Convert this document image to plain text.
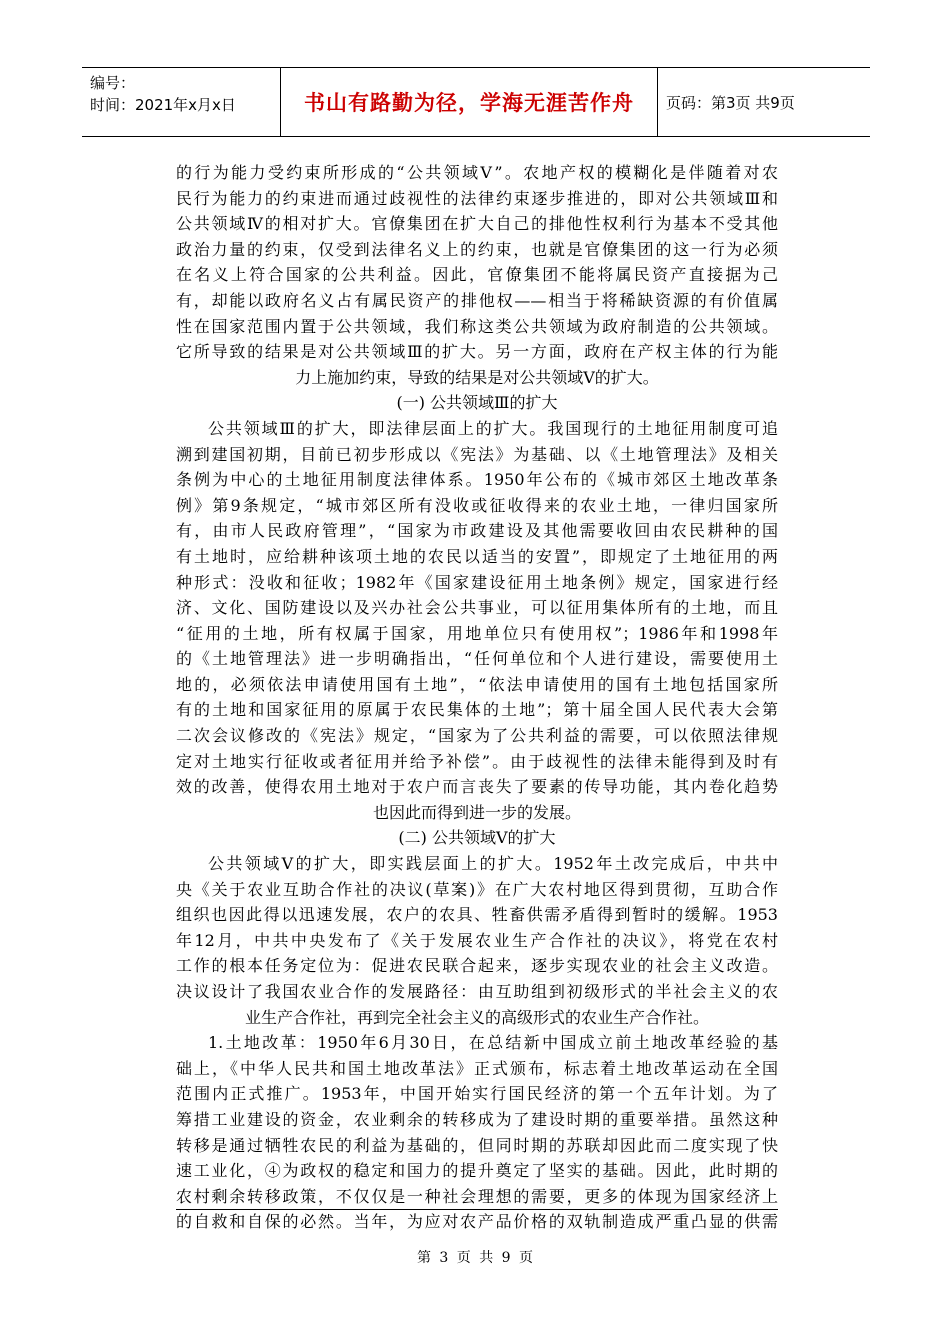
编号：
时间：2021年x月x日	书山有路勤为径，学海无涯苦作舟	页码：第3页 共9页
的行为能力受约束所形成的“公共领域Ⅴ”。农地产权的模糊化是伴随着对农
民行为能力的约束进而通过歧视性的法律约束逐步推进的，即对公共领域Ⅲ和
公共领域Ⅳ的相对扩大。官僚集团在扩大自己的排他性权利行为基本不受其他
政治力量的约束，仅受到法律名义上的约束，也就是官僚集团的这一行为必须
在名义上符合国家的公共利益。因此，官僚集团不能将属民资产直接据为己
有，却能以政府名义占有属民资产的排他权——相当于将稀缺资源的有价值属
性在国家范围内置于公共领域，我们称这类公共领域为政府制造的公共领域。
它所导致的结果是对公共领域Ⅲ的扩大。另一方面，政府在产权主体的行为能
力上施加约束，导致的结果是对公共领域Ⅴ的扩大。
(一) 公共领域Ⅲ的扩大
公共领域Ⅲ的扩大，即法律层面上的扩大。我国现行的土地征用制度可追
溯到建国初期，目前已初步形成以《宪法》为基础、以《土地管理法》及相关
条例为中心的土地征用制度法律体系。1950年公布的《城市郊区土地改革条
例》第9条规定，“城市郊区所有没收或征收得来的农业土地，一律归国家所
有，由市人民政府管理”，“国家为市政建设及其他需要收回由农民耕种的国
有土地时，应给耕种该项土地的农民以适当的安置”，即规定了土地征用的两
种形式：没收和征收；1982年《国家建设征用土地条例》规定，国家进行经
济、文化、国防建设以及兴办社会公共事业，可以征用集体所有的土地，而且
“征用的土地，所有权属于国家，用地单位只有使用权”；1986年和1998年
的《土地管理法》进一步明确指出，“任何单位和个人进行建设，需要使用土
地的，必须依法申请使用国有土地”，“依法申请使用的国有土地包括国家所
有的土地和国家征用的原属于农民集体的土地”；第十届全国人民代表大会第
二次会议修改的《宪法》规定，“国家为了公共利益的需要，可以依照法律规
定对土地实行征收或者征用并给予补偿”。由于歧视性的法律未能得到及时有
效的改善，使得农用土地对于农户而言丧失了要素的传导功能，其内卷化趋势
也因此而得到进一步的发展。
(二) 公共领域Ⅴ的扩大
公共领域Ⅴ的扩大，即实践层面上的扩大。1952年土改完成后，中共中
央《关于农业互助合作社的决议(草案)》在广大农村地区得到贯彻，互助合作
组织也因此得以迅速发展，农户的农具、牲畜供需矛盾得到暂时的缓解。1953
年12月，中共中央发布了《关于发展农业生产合作社的决议》，将党在农村
工作的根本任务定位为：促进农民联合起来，逐步实现农业的社会主义改造。
决议设计了我国农业合作的发展路径：由互助组到初级形式的半社会主义的农
业生产合作社，再到完全社会主义的高级形式的农业生产合作社。
1.土地改革：1950年6月30日，在总结新中国成立前土地改革经验的基
础上，《中华人民共和国土地改革法》正式颁布，标志着土地改革运动在全国
范围内正式推广。1953年，中国开始实行国民经济的第一个五年计划。为了
筹措工业建设的资金，农业剩余的转移成为了建设时期的重要举措。虽然这种
转移是通过牺牲农民的利益为基础的，但同时期的苏联却因此而二度实现了快
速工业化，④为政权的稳定和国力的提升奠定了坚实的基础。因此，此时期的
农村剩余转移政策，不仅仅是一种社会理想的需要，更多的体现为国家经济上
的自救和自保的必然。当年，为应对农产品价格的双轨制造成严重凸显的供需
第 3 页 共 9 页
